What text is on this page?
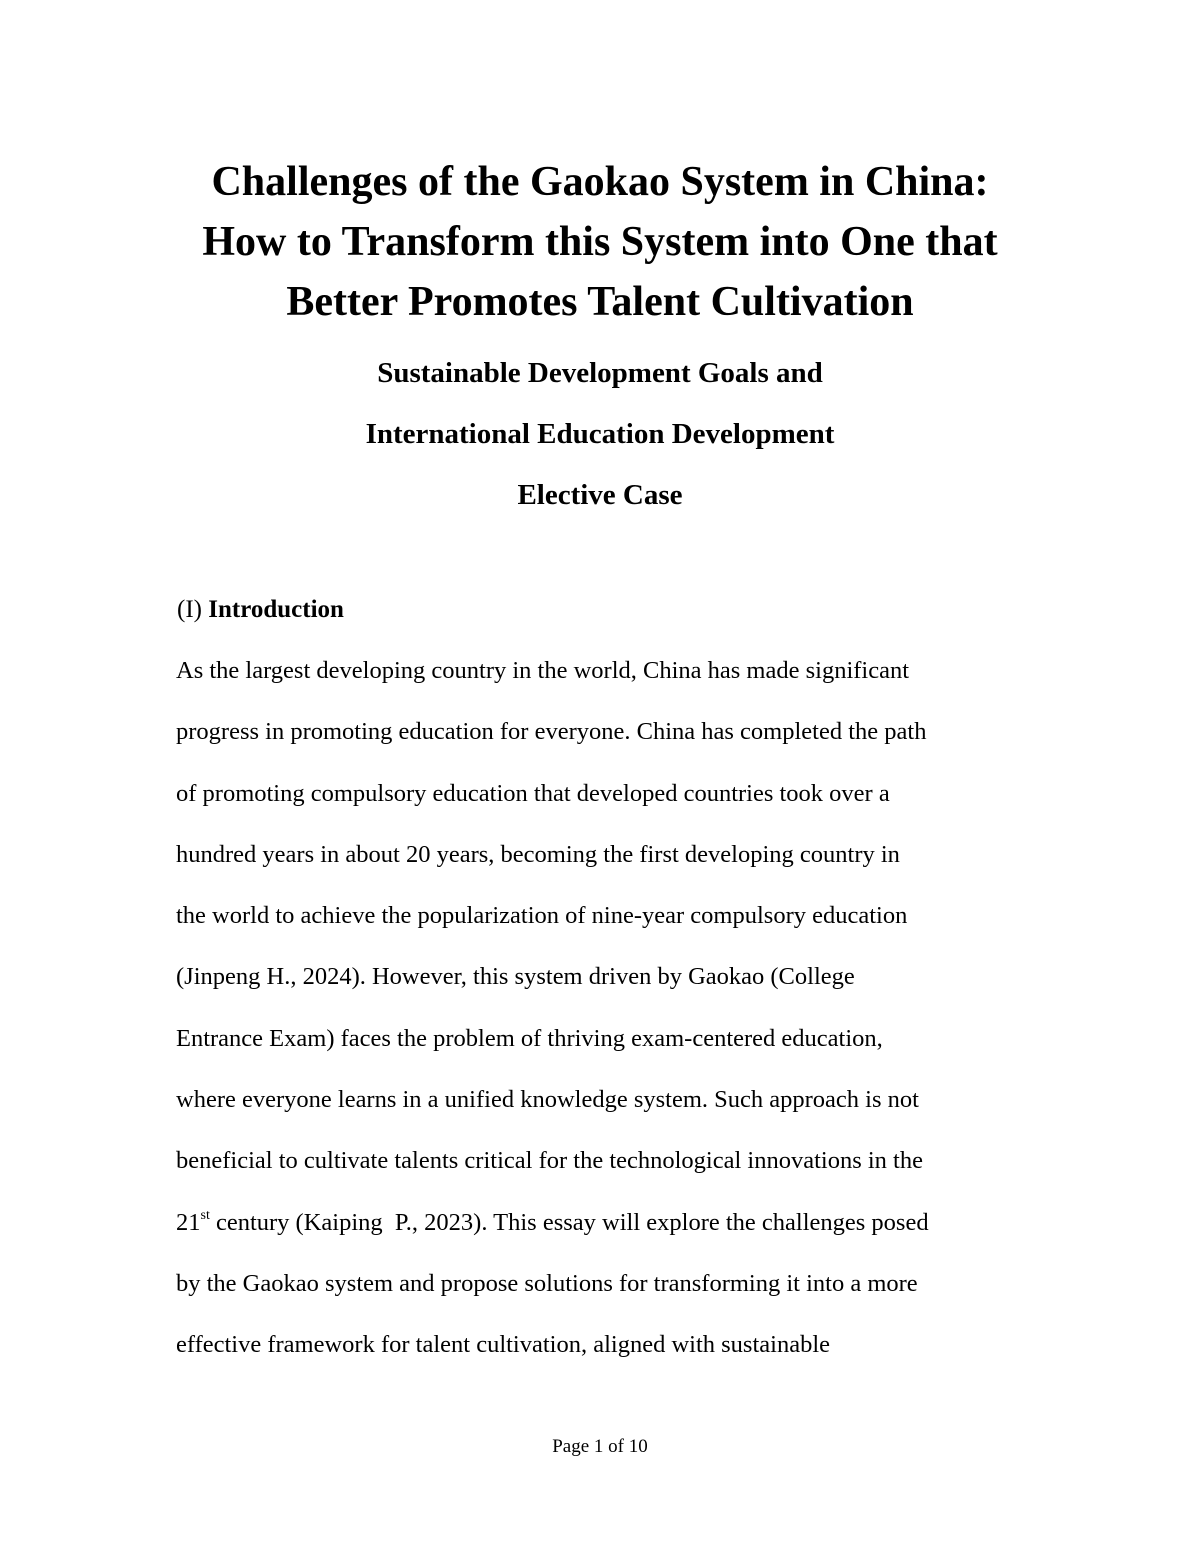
Challenges of the Gaokao System in China:
How to Transform this System into One that
Better Promotes Talent Cultivation
Sustainable Development Goals and
International Education Development
Elective Case
(I) Introduction
As the largest developing country in the world, China has made significant
progress in promoting education for everyone. China has completed the path
of promoting compulsory education that developed countries took over a
hundred years in about 20 years, becoming the first developing country in
the world to achieve the popularization of nine-year compulsory education
(Jinpeng H., 2024). However, this system driven by Gaokao (College
Entrance Exam) faces the problem of thriving exam-centered education,
where everyone learns in a unified knowledge system. Such approach is not
beneficial to cultivate talents critical for the technological innovations in the
21st century (Kaiping  P., 2023). This essay will explore the challenges posed
by the Gaokao system and propose solutions for transforming it into a more
effective framework for talent cultivation, aligned with sustainable
Page 1 of 10
